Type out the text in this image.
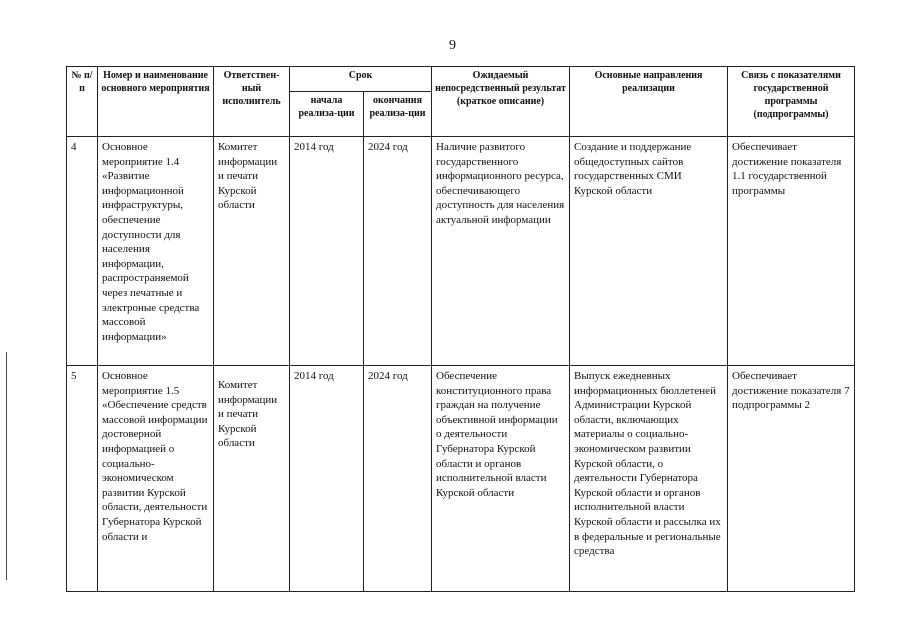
9
№ п/п	Номер и наименование основного мероприятия	Ответствен-ный исполнитель	Срок		Ожидаемый непосредственный результат (краткое описание)	Основные направления реализации	Связь с показателями государственной программы (подпрограммы)
			начала реализа-ции	окончания реализа-ции			
4	Основное мероприятие 1.4 «Развитие информационной инфраструктуры, обеспечение доступности для населения информации, распространяемой через печатные и электроные средства массовой информации»	Комитет информации и печати Курской области	2014 год	2024 год	Наличие развитого государственного информационного ресурса, обеспечивающего доступность для населения актуальной информации	Создание и поддержание общедоступных сайтов государственных СМИ Курской области	Обеспечивает достижение показателя 1.1 государственной программы
5	Основное мероприятие 1.5 «Обеспечение средств массовой информации достоверной информацией о социально-экономическом развитии Курской области, деятельности Губернатора Курской области и	Комитет информации и печати Курской области	2014 год	2024 год	Обеспечение конституционного права граждан на получение объективной информации о деятельности Губернатора Курской области и органов исполнительной власти Курской области	Выпуск ежедневных информационных бюллетеней Администрации Курской области, включающих материалы о социально-экономическом развитии Курской области, о деятельности Губернатора Курской области и органов исполнительной власти Курской области и рассылка их в федеральные и региональные средства	Обеспечивает достижение показателя 7 подпрограммы 2
